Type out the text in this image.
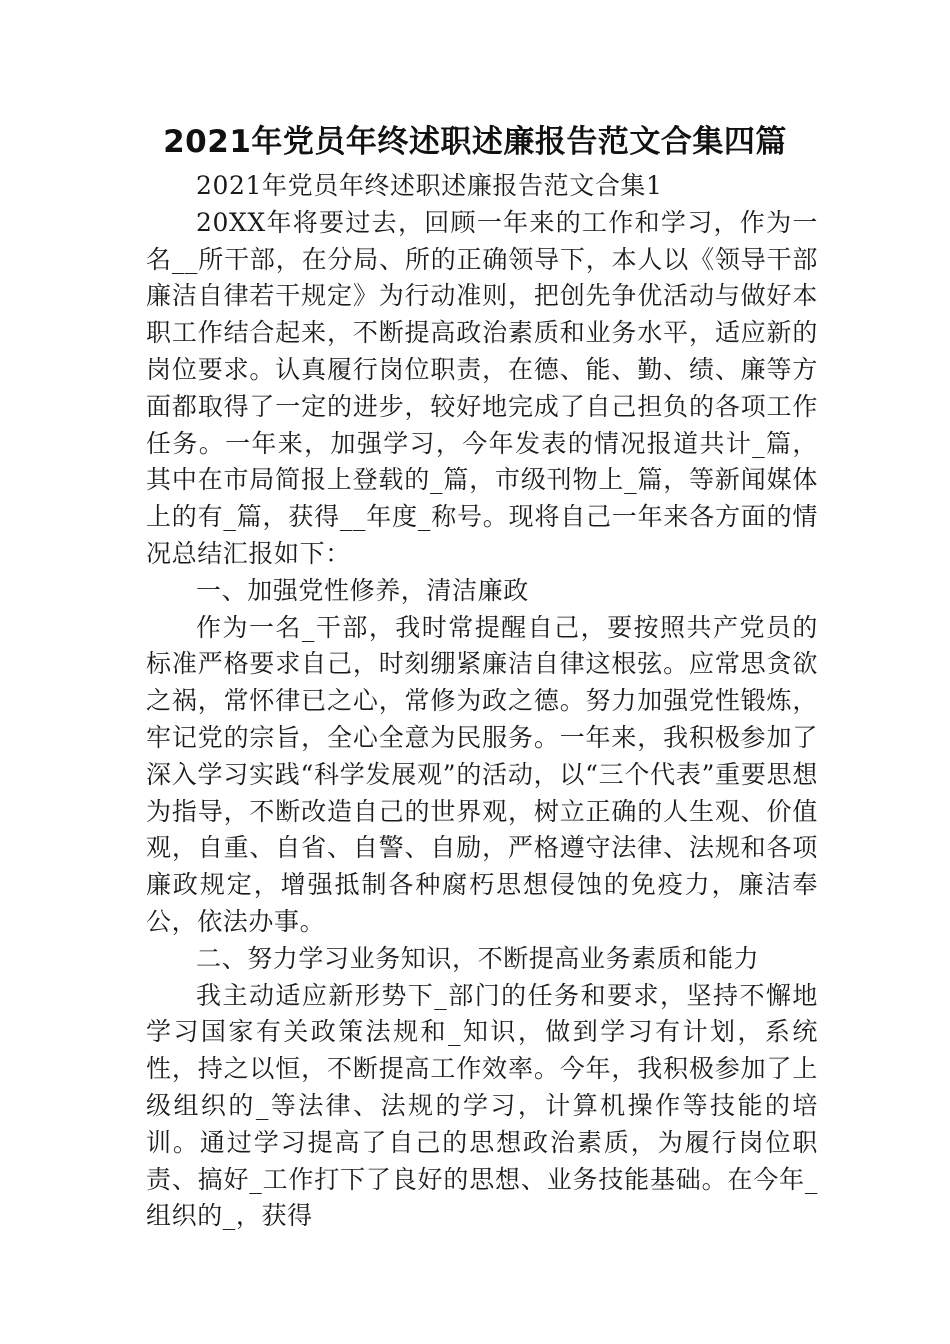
2021年党员年终述职述廉报告范文合集四篇

2021年党员年终述职述廉报告范文合集1

20XX年将要过去，回顾一年来的工作和学习，作为一名__所干部，在分局、所的正确领导下，本人以《领导干部廉洁自律若干规定》为行动准则，把创先争优活动与做好本职工作结合起来，不断提高政治素质和业务水平，适应新的岗位要求。认真履行岗位职责，在德、能、勤、绩、廉等方面都取得了一定的进步，较好地完成了自己担负的各项工作任务。一年来，加强学习，今年发表的情况报道共计_篇，其中在市局简报上登载的_篇，市级刊物上_篇，等新闻媒体上的有_篇，获得__年度_称号。现将自己一年来各方面的情况总结汇报如下：

一、加强党性修养，清洁廉政

作为一名_干部，我时常提醒自己，要按照共产党员的标准严格要求自己，时刻绷紧廉洁自律这根弦。应常思贪欲之祸，常怀律已之心，常修为政之德。努力加强党性锻炼，牢记党的宗旨，全心全意为民服务。一年来，我积极参加了深入学习实践“科学发展观”的活动，以“三个代表”重要思想为指导，不断改造自己的世界观，树立正确的人生观、价值观，自重、自省、自警、自励，严格遵守法律、法规和各项廉政规定，增强抵制各种腐朽思想侵蚀的免疫力，廉洁奉公，依法办事。

二、努力学习业务知识，不断提高业务素质和能力

我主动适应新形势下_部门的任务和要求，坚持不懈地学习国家有关政策法规和_知识，做到学习有计划，系统性，持之以恒，不断提高工作效率。今年，我积极参加了上级组织的_等法律、法规的学习，计算机操作等技能的培训。通过学习提高了自己的思想政治素质，为履行岗位职责、搞好_工作打下了良好的思想、业务技能基础。在今年_组织的_，获得
